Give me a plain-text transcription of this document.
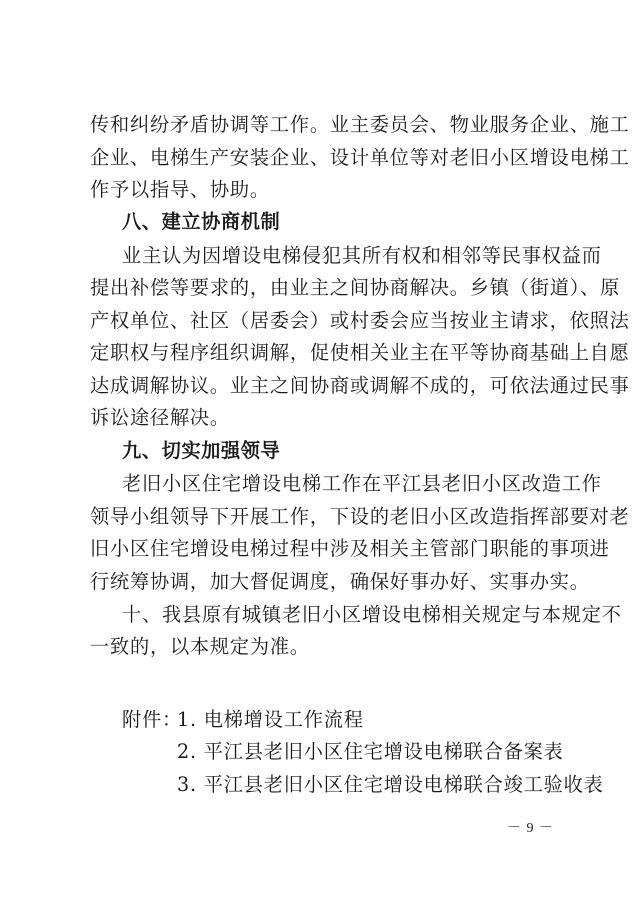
传和纠纷矛盾协调等工作。业主委员会、物业服务企业、施工
企业、电梯生产安装企业、设计单位等对老旧小区增设电梯工
作予以指导、协助。
八、建立协商机制
业主认为因增设电梯侵犯其所有权和相邻等民事权益而
提出补偿等要求的，由业主之间协商解决。乡镇（街道）、原
产权单位、社区（居委会）或村委会应当按业主请求，依照法
定职权与程序组织调解，促使相关业主在平等协商基础上自愿
达成调解协议。业主之间协商或调解不成的，可依法通过民事
诉讼途径解决。
九、切实加强领导
老旧小区住宅增设电梯工作在平江县老旧小区改造工作
领导小组领导下开展工作，下设的老旧小区改造指挥部要对老
旧小区住宅增设电梯过程中涉及相关主管部门职能的事项进
行统筹协调，加大督促调度，确保好事办好、实事办实。
十、我县原有城镇老旧小区增设电梯相关规定与本规定不
一致的，以本规定为准。
附件：
1. 电梯增设工作流程
2. 平江县老旧小区住宅增设电梯联合备案表
3. 平江县老旧小区住宅增设电梯联合竣工验收表
－ 9 －
